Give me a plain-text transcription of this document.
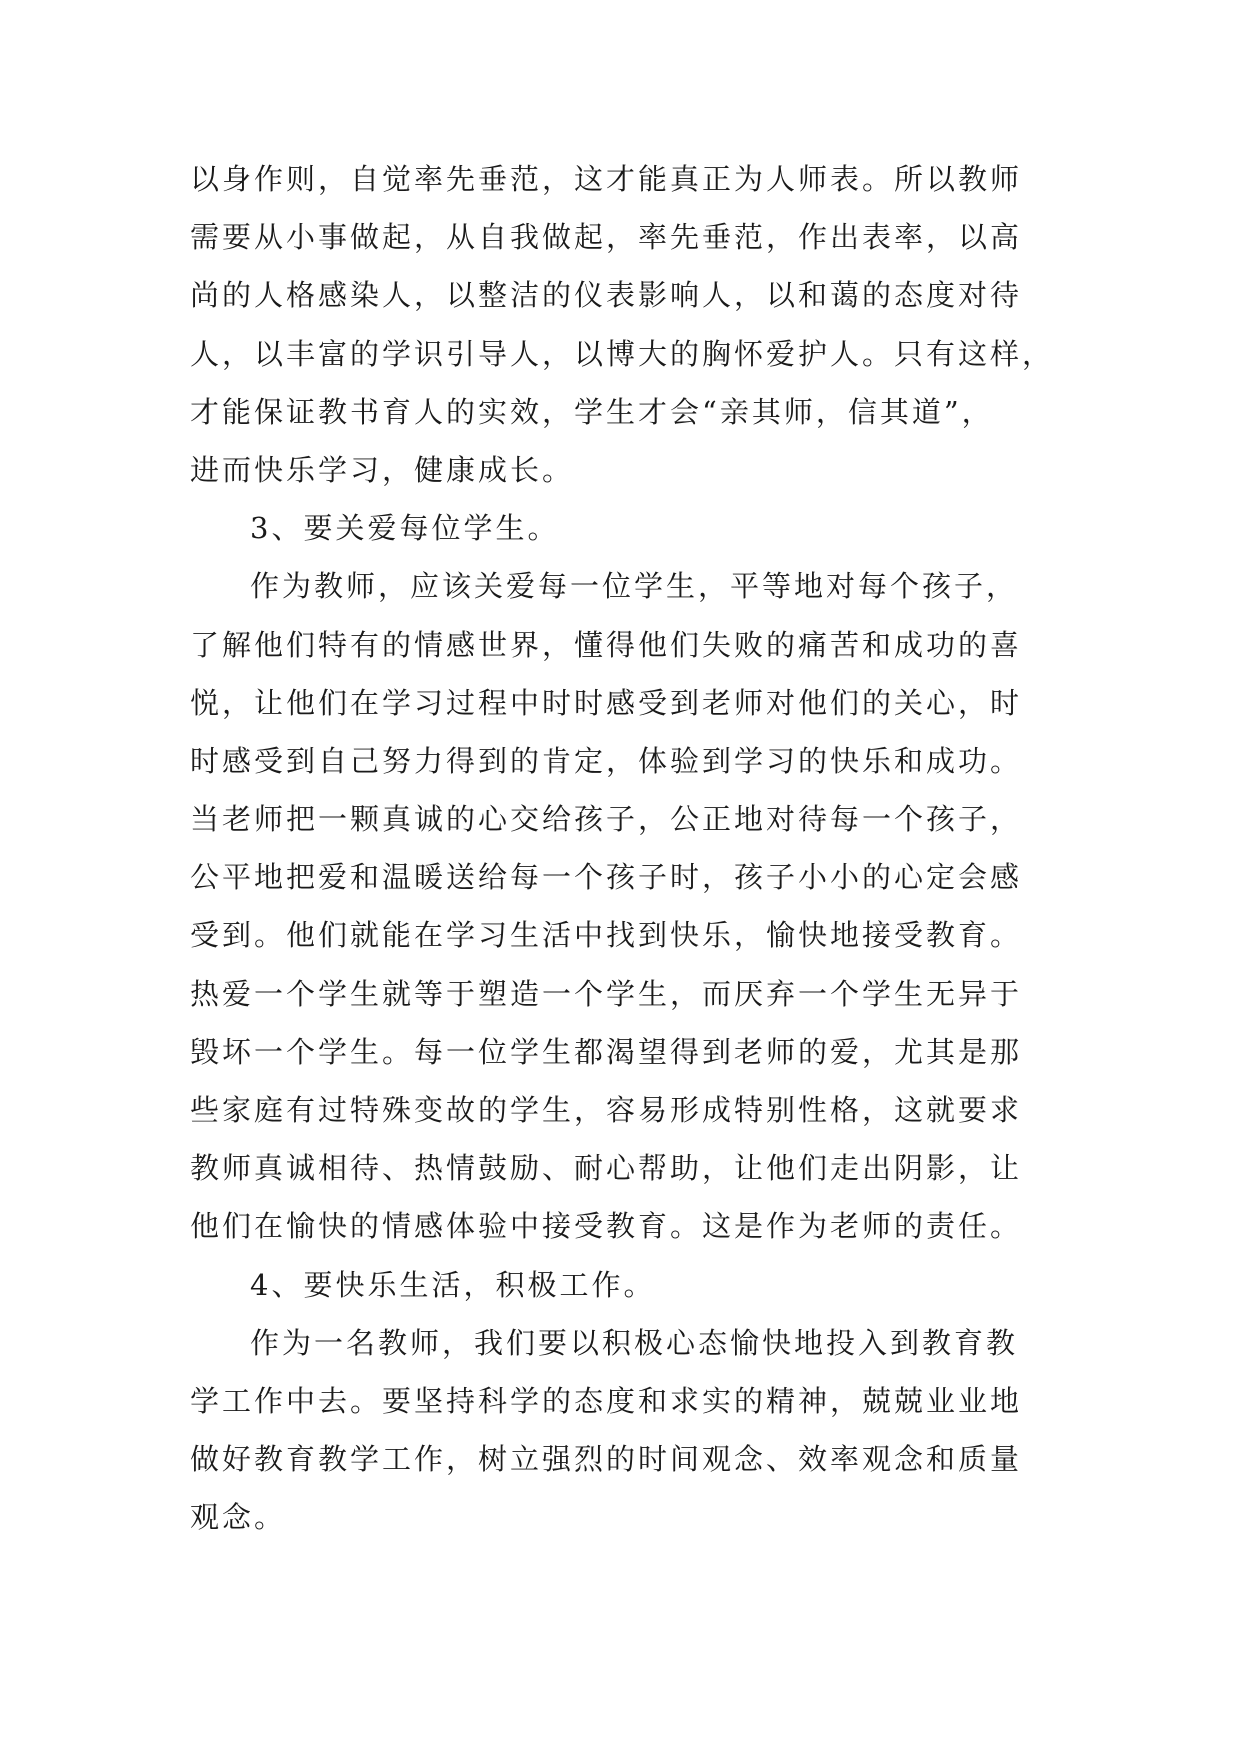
以身作则，自觉率先垂范，这才能真正为人师表。所以教师
需要从小事做起，从自我做起，率先垂范，作出表率，以高
尚的人格感染人，以整洁的仪表影响人，以和蔼的态度对待
人，以丰富的学识引导人，以博大的胸怀爱护人。只有这样，
才能保证教书育人的实效，学生才会“亲其师，信其道”，
进而快乐学习，健康成长。
3、要关爱每位学生。
作为教师，应该关爱每一位学生，平等地对每个孩子，
了解他们特有的情感世界，懂得他们失败的痛苦和成功的喜
悦，让他们在学习过程中时时感受到老师对他们的关心，时
时感受到自己努力得到的肯定，体验到学习的快乐和成功。
当老师把一颗真诚的心交给孩子，公正地对待每一个孩子，
公平地把爱和温暖送给每一个孩子时，孩子小小的心定会感
受到。他们就能在学习生活中找到快乐，愉快地接受教育。
热爱一个学生就等于塑造一个学生，而厌弃一个学生无异于
毁坏一个学生。每一位学生都渴望得到老师的爱，尤其是那
些家庭有过特殊变故的学生，容易形成特别性格，这就要求
教师真诚相待、热情鼓励、耐心帮助，让他们走出阴影，让
他们在愉快的情感体验中接受教育。这是作为老师的责任。
4、要快乐生活，积极工作。
作为一名教师，我们要以积极心态愉快地投入到教育教
学工作中去。要坚持科学的态度和求实的精神，兢兢业业地
做好教育教学工作，树立强烈的时间观念、效率观念和质量
观念。
